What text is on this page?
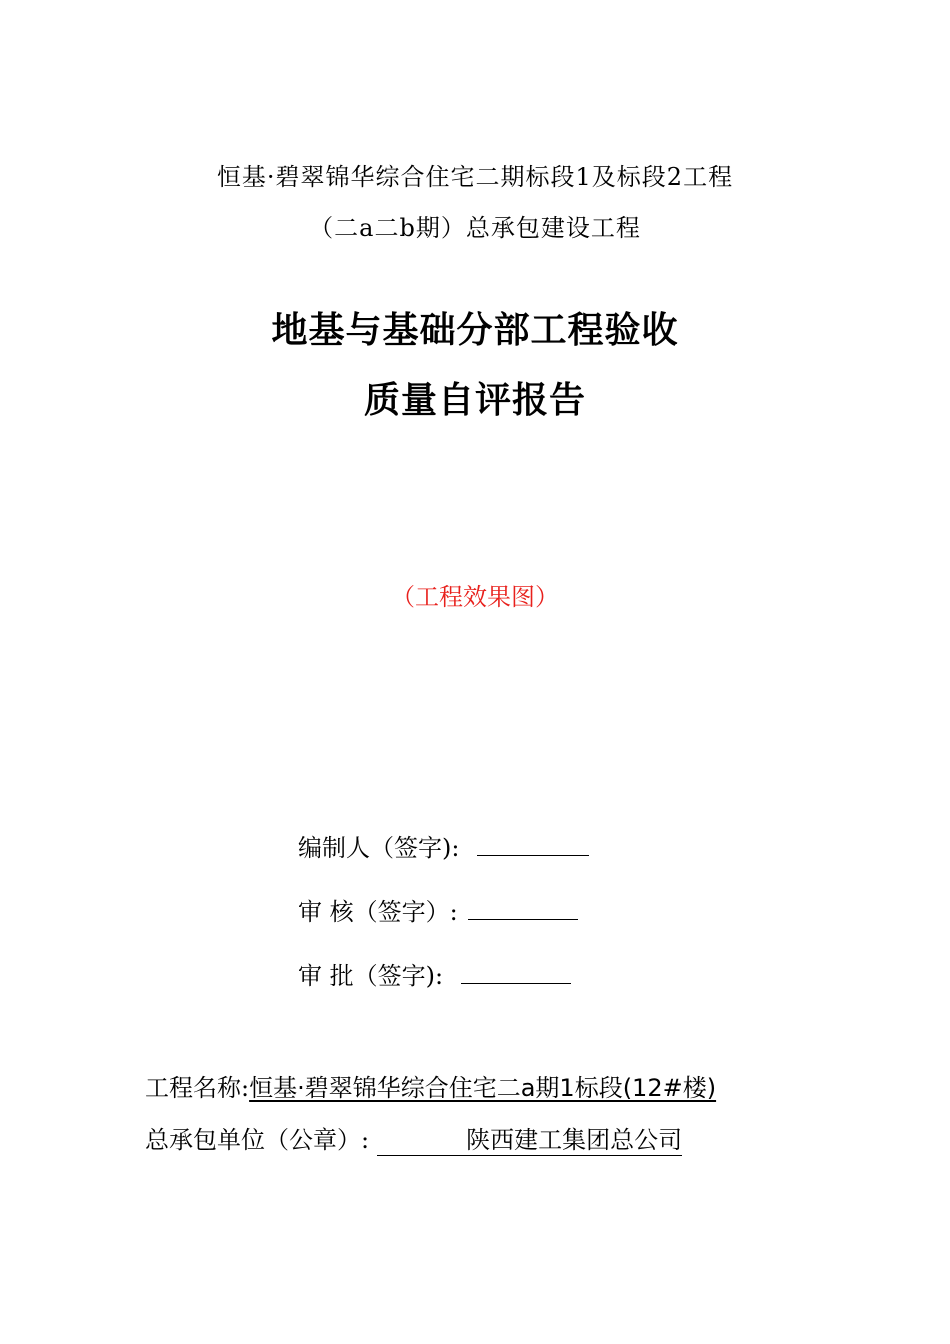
恒基·碧翠锦华综合住宅二期标段1及标段2工程
（二a二b期）总承包建设工程
地基与基础分部工程验收
质量自评报告
（工程效果图）
编制人（签字):
审 核（签字）:
审 批（签字):
工程名称: 恒基·碧翠锦华综合住宅二a期1标段(12#楼)
总承包单位（公章）:	陕西建工集团总公司
